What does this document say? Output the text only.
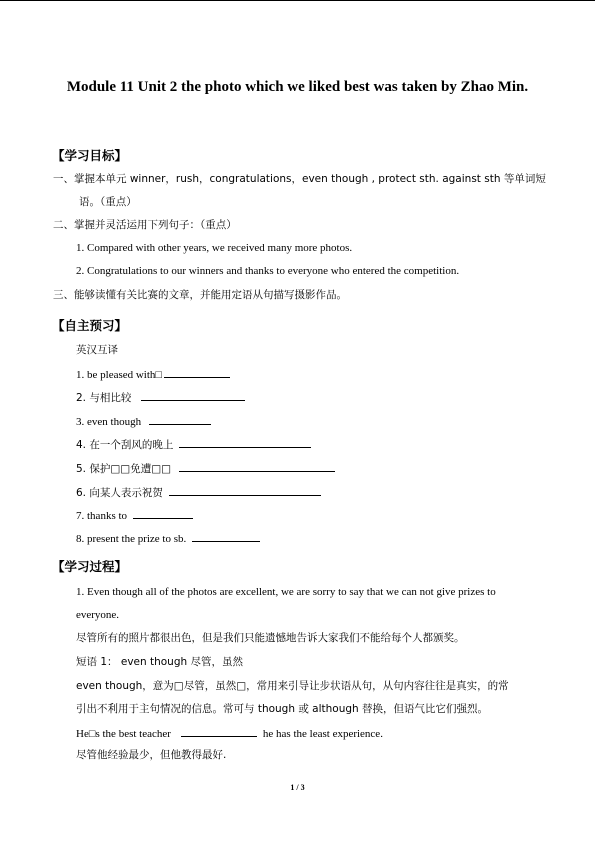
Module 11 Unit 2 the photo which we liked best was taken by Zhao Min.
【学习目标】
一、掌握本单元 winner，rush，congratulations，even though , protect sth. against sth 等单词短
语。（重点）
二、掌握并灵活运用下列句子：（重点）
1. Compared with other years, we received many more photos.
2. Congratulations to our winners and thanks to everyone who entered the competition.
三、能够读懂有关比赛的文章，并能用定语从句描写摄影作品。
【自主预习】
英汉互译
1. be pleased with□
2. 与相比较
3. even though
4. 在一个刮风的晚上
5. 保护□□免遭□□
6. 向某人表示祝贺
7. thanks to
8. present the prize to sb.
【学习过程】
1. Even though all of the photos are excellent, we are sorry to say that we can not give prizes to
everyone.
尽管所有的照片都很出色，但是我们只能遗憾地告诉大家我们不能给每个人都颁奖。
短语 1： even though 尽管，虽然
even though，意为□尽管，虽然□，常用来引导让步状语从句，从句内容往往是真实，的常
引出不利用于主句情况的信息。常可与 though 或 although 替换，但语气比它们强烈。
He□s the best teacher	he has the least experience.
尽管他经验最少，但他教得最好.
1 / 3
